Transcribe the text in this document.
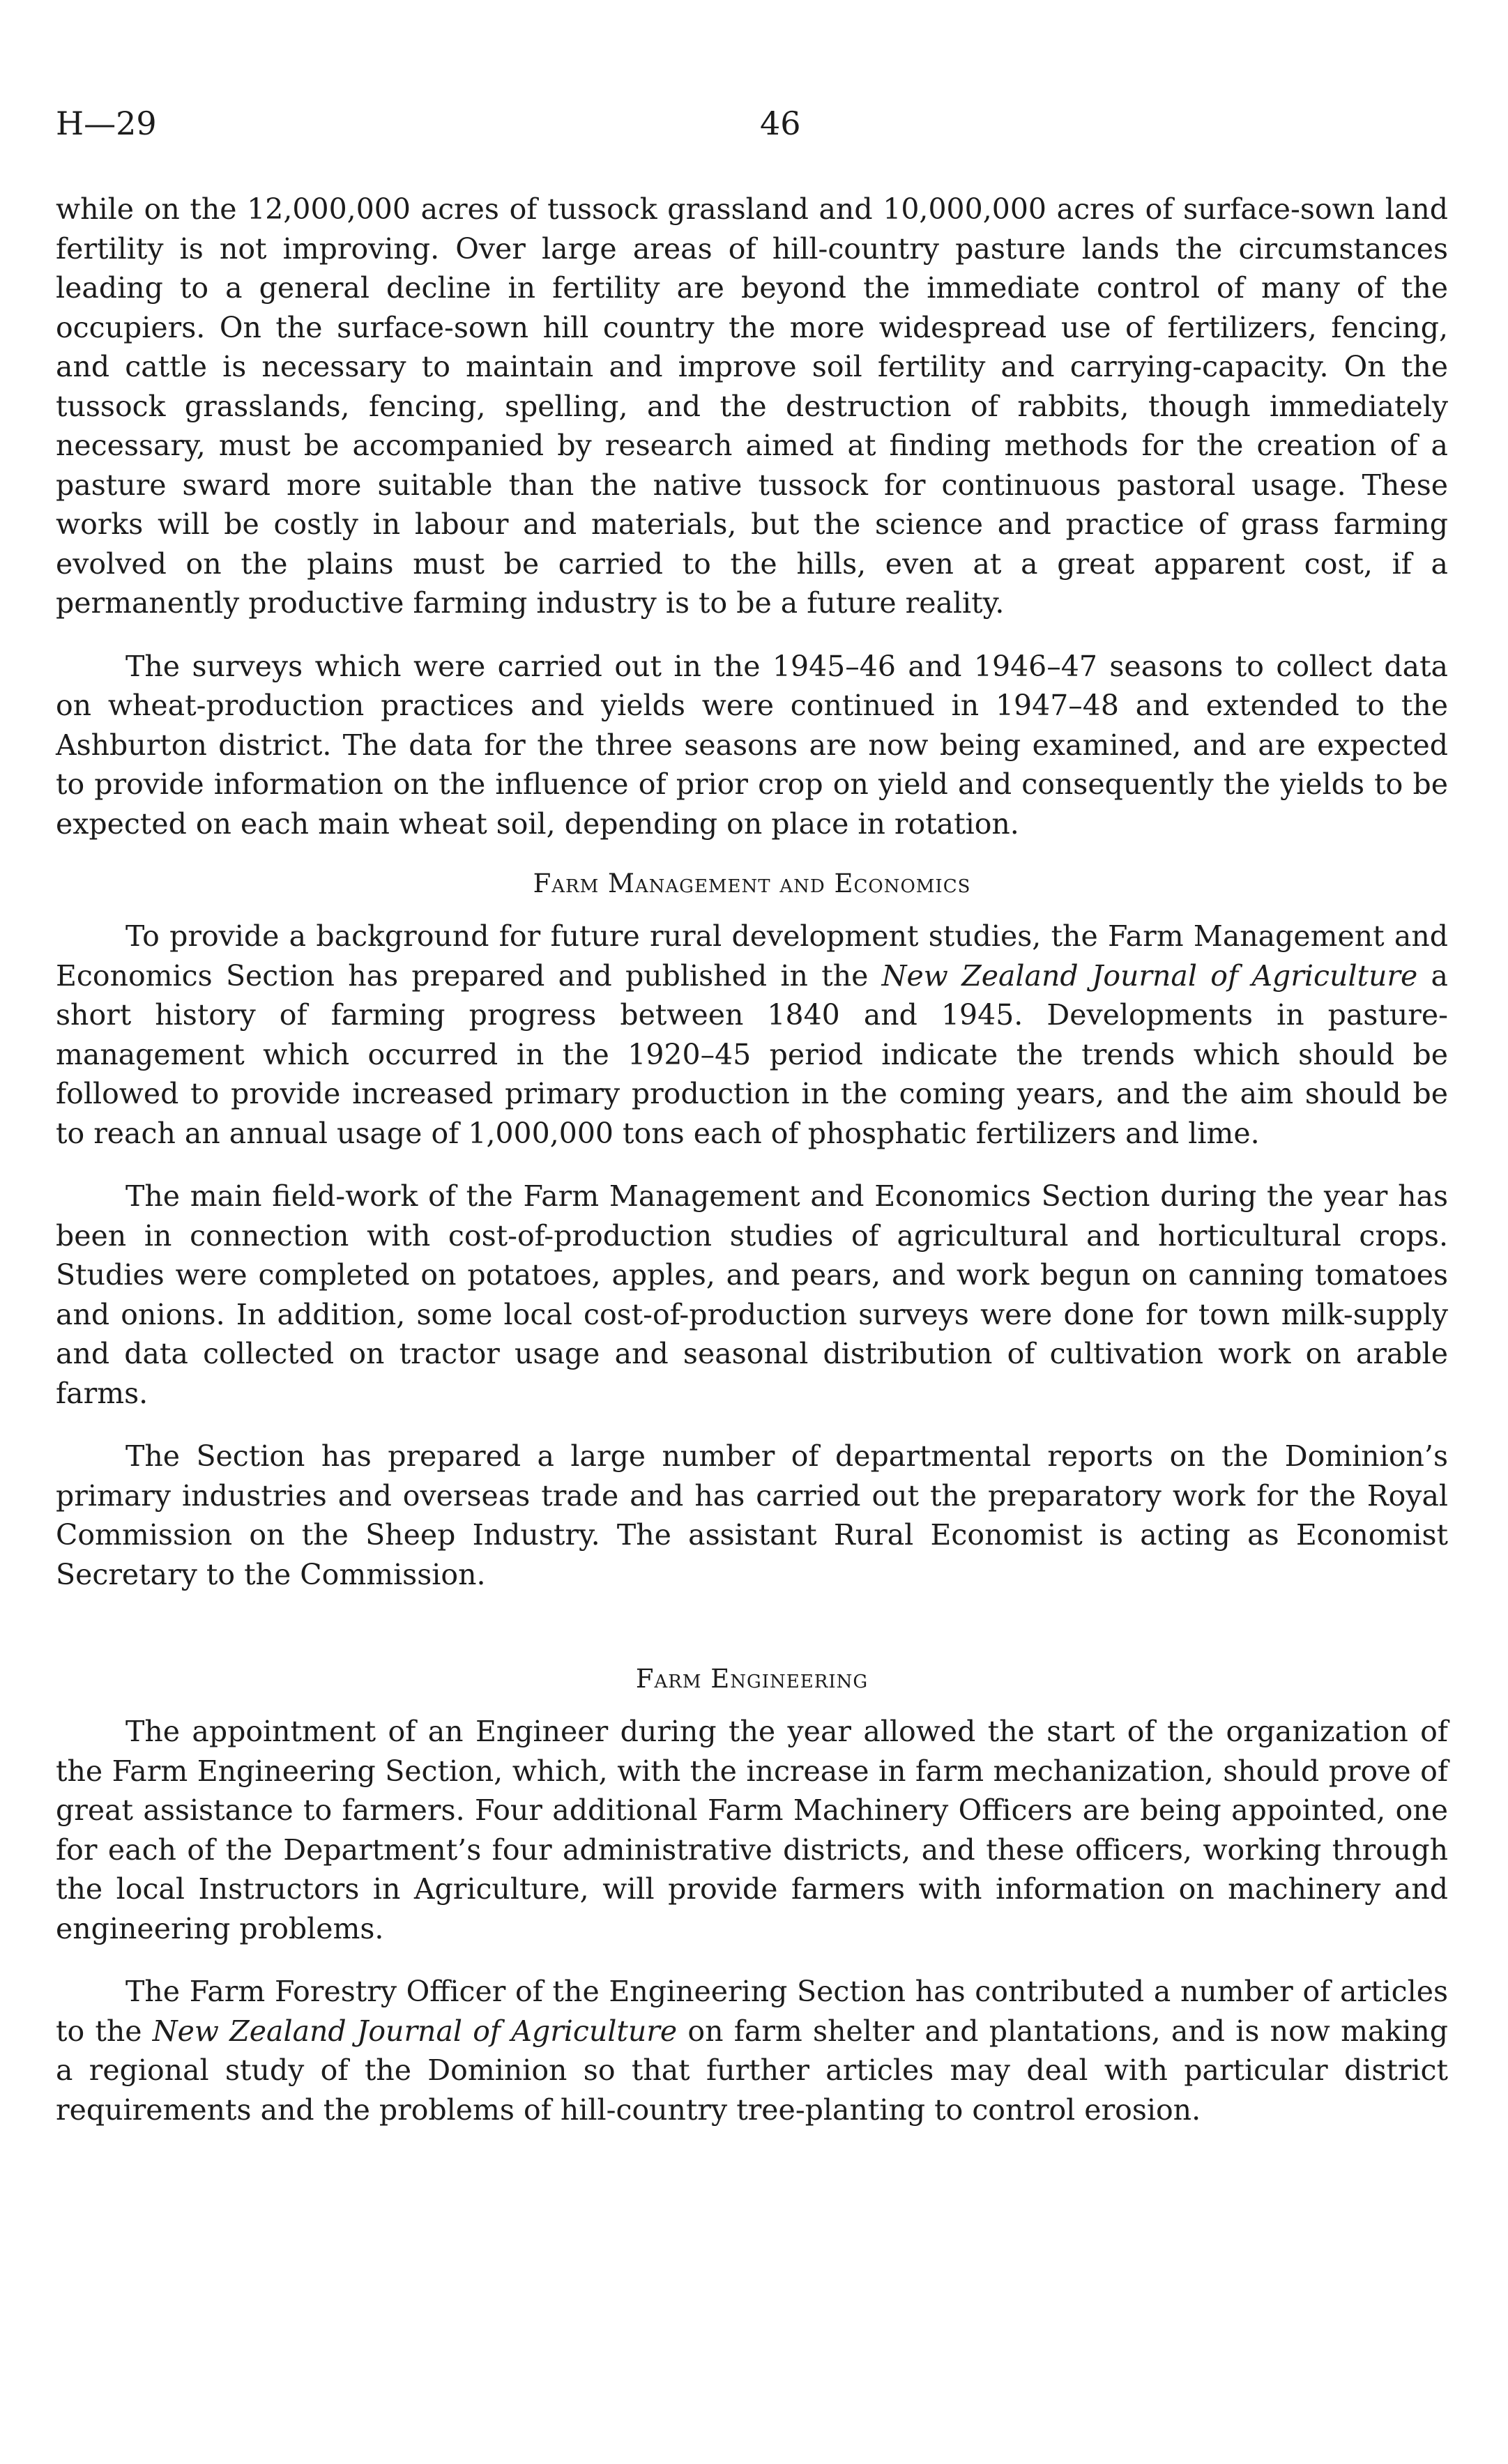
H—29	46

while on the 12,000,000 acres of tussock grassland and 10,000,000 acres of surface-sown land fertility is not improving. Over large areas of hill-country pasture lands the circumstances leading to a general decline in fertility are beyond the immediate control of many of the occupiers. On the surface-sown hill country the more widespread use of fertilizers, fencing, and cattle is necessary to maintain and improve soil fertility and carrying-capacity. On the tussock grasslands, fencing, spelling, and the destruction of rabbits, though immediately necessary, must be accompanied by research aimed at finding methods for the creation of a pasture sward more suitable than the native tussock for continuous pastoral usage. These works will be costly in labour and materials, but the science and practice of grass farming evolved on the plains must be carried to the hills, even at a great apparent cost, if a permanently productive farming industry is to be a future reality.

The surveys which were carried out in the 1945–46 and 1946–47 seasons to collect data on wheat-production practices and yields were continued in 1947–48 and extended to the Ashburton district. The data for the three seasons are now being examined, and are expected to provide information on the influence of prior crop on yield and consequently the yields to be expected on each main wheat soil, depending on place in rotation.

Farm Management and Economics

To provide a background for future rural development studies, the Farm Management and Economics Section has prepared and published in the New Zealand Journal of Agriculture a short history of farming progress between 1840 and 1945. Developments in pasture-management which occurred in the 1920–45 period indicate the trends which should be followed to provide increased primary production in the coming years, and the aim should be to reach an annual usage of 1,000,000 tons each of phosphatic fertilizers and lime.

The main field-work of the Farm Management and Economics Section during the year has been in connection with cost-of-production studies of agricultural and horticultural crops. Studies were completed on potatoes, apples, and pears, and work begun on canning tomatoes and onions. In addition, some local cost-of-production surveys were done for town milk-supply and data collected on tractor usage and seasonal distribution of cultivation work on arable farms.

The Section has prepared a large number of departmental reports on the Dominion’s primary industries and overseas trade and has carried out the preparatory work for the Royal Commission on the Sheep Industry. The assistant Rural Economist is acting as Economist Secretary to the Commission.

Farm Engineering

The appointment of an Engineer during the year allowed the start of the organization of the Farm Engineering Section, which, with the increase in farm mechanization, should prove of great assistance to farmers. Four additional Farm Machinery Officers are being appointed, one for each of the Department’s four administrative districts, and these officers, working through the local Instructors in Agriculture, will provide farmers with information on machinery and engineering problems.

The Farm Forestry Officer of the Engineering Section has contributed a number of articles to the New Zealand Journal of Agriculture on farm shelter and plantations, and is now making a regional study of the Dominion so that further articles may deal with particular district requirements and the problems of hill-country tree-planting to control erosion.
